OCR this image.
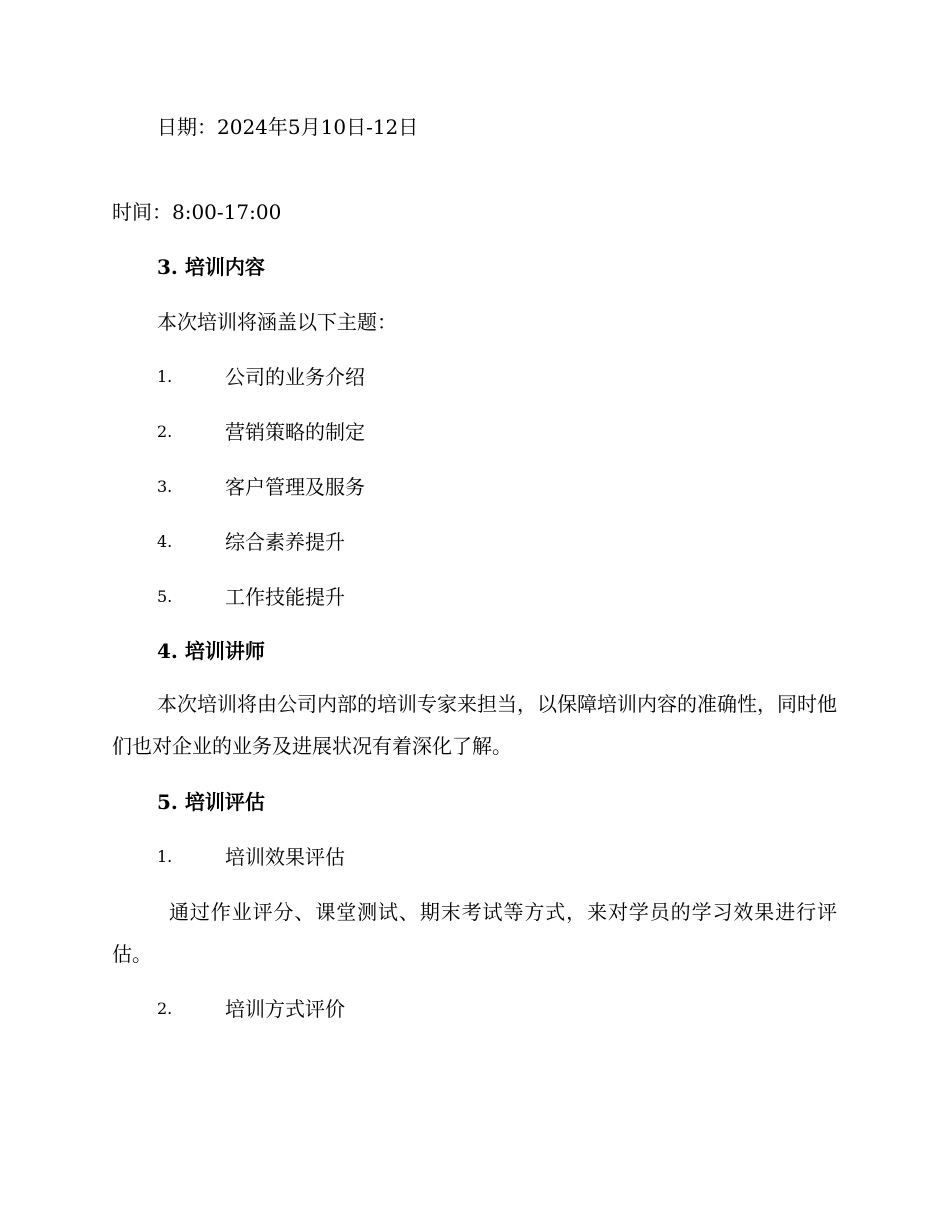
日期：2024年5月10日-12日
时间：8:00-17:00
3. 培训内容
本次培训将涵盖以下主题：
1.	公司的业务介绍
2.	营销策略的制定
3.	客户管理及服务
4.	综合素养提升
5.	工作技能提升
4. 培训讲师
本次培训将由公司内部的培训专家来担当，以保障培训内容的准确性，同时他们也对企业的业务及进展状况有着深化了解。
5. 培训评估
1.	培训效果评估
通过作业评分、课堂测试、期末考试等方式，来对学员的学习效果进行评估。
2.	培训方式评价
